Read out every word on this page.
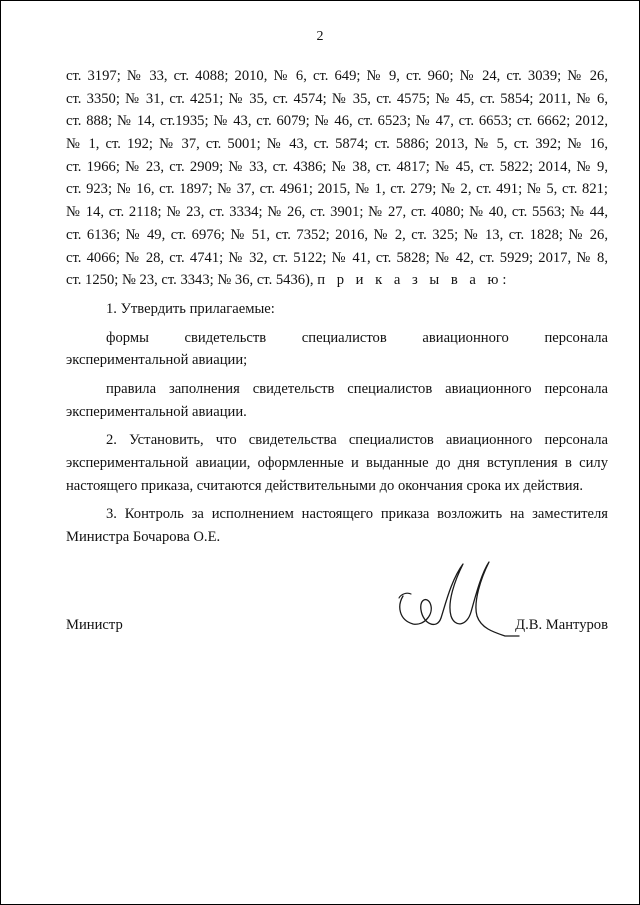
2
ст. 3197; № 33, ст. 4088; 2010, № 6, ст. 649; № 9, ст. 960; № 24, ст. 3039; № 26,
ст. 3350; № 31, ст. 4251; № 35, ст. 4574; № 35, ст. 4575; № 45, ст. 5854; 2011, № 6,
ст. 888; № 14, ст.1935; № 43, ст. 6079; № 46, ст. 6523; № 47, ст. 6653; ст. 6662; 2012,
№ 1, ст. 192; № 37, ст. 5001; № 43, ст. 5874; ст. 5886; 2013, № 5, ст. 392; № 16,
ст. 1966; № 23, ст. 2909; № 33, ст. 4386; № 38, ст. 4817; № 45, ст. 5822; 2014, № 9,
ст. 923; № 16, ст. 1897; № 37, ст. 4961; 2015, № 1, ст. 279; № 2, ст. 491; № 5, ст. 821;
№ 14, ст. 2118; № 23, ст. 3334; № 26, ст. 3901; № 27, ст. 4080; № 40, ст. 5563; № 44,
ст. 6136; № 49, ст. 6976; № 51, ст. 7352; 2016, № 2, ст. 325; № 13, ст. 1828; № 26,
ст. 4066; № 28, ст. 4741; № 32, ст. 5122; № 41, ст. 5828; № 42, ст. 5929; 2017, № 8,
ст. 1250; № 23, ст. 3343; № 36, ст. 5436), п р и к а з ы в а ю:
1. Утвердить прилагаемые:
формы свидетельств специалистов авиационного персонала
экспериментальной авиации;
правила заполнения свидетельств специалистов авиационного персонала
экспериментальной авиации.
2. Установить, что свидетельства специалистов авиационного персонала
экспериментальной авиации, оформленные и выданные до дня вступления в силу
настоящего приказа, считаются действительными до окончания срока их действия.
3. Контроль за исполнением настоящего приказа возложить на заместителя
Министра Бочарова О.Е.
Министр	Д.В. Мантуров
